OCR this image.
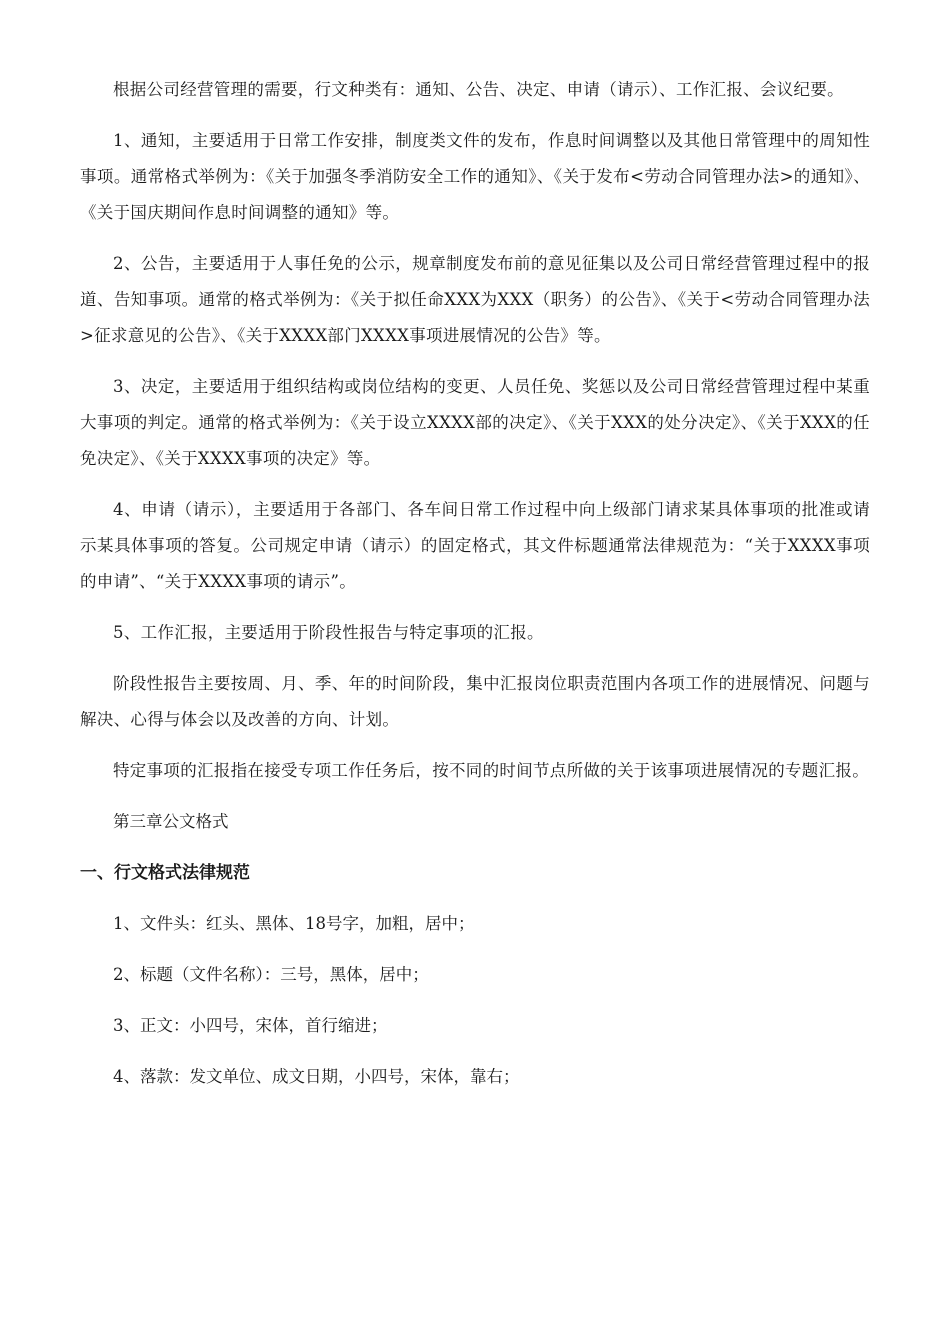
根据公司经营管理的需要，行文种类有：通知、公告、决定、申请（请示）、工作汇报、会议纪要。

1、通知，主要适用于日常工作安排，制度类文件的发布，作息时间调整以及其他日常管理中的周知性事项。通常格式举例为：《关于加强冬季消防安全工作的通知》、《关于发布<劳动合同管理办法>的通知》、《关于国庆期间作息时间调整的通知》等。

2、公告，主要适用于人事任免的公示，规章制度发布前的意见征集以及公司日常经营管理过程中的报道、告知事项。通常的格式举例为：《关于拟任命XXX为XXX（职务）的公告》、《关于<劳动合同管理办法>征求意见的公告》、《关于XXXX部门XXXX事项进展情况的公告》等。

3、决定，主要适用于组织结构或岗位结构的变更、人员任免、奖惩以及公司日常经营管理过程中某重大事项的判定。通常的格式举例为：《关于设立XXXX部的决定》、《关于XXX的处分决定》、《关于XXX的任免决定》、《关于XXXX事项的决定》等。

4、申请（请示），主要适用于各部门、各车间日常工作过程中向上级部门请求某具体事项的批准或请示某具体事项的答复。公司规定申请（请示）的固定格式，其文件标题通常法律规范为：“关于XXXX事项的申请”、“关于XXXX事项的请示”。

5、工作汇报，主要适用于阶段性报告与特定事项的汇报。

阶段性报告主要按周、月、季、年的时间阶段，集中汇报岗位职责范围内各项工作的进展情况、问题与解决、心得与体会以及改善的方向、计划。

特定事项的汇报指在接受专项工作任务后，按不同的时间节点所做的关于该事项进展情况的专题汇报。

第三章公文格式

一、行文格式法律规范

1、文件头：红头、黑体、18号字，加粗，居中；

2、标题（文件名称）：三号，黑体，居中；

3、正文：小四号，宋体，首行缩进；

4、落款：发文单位、成文日期，小四号，宋体，靠右；
